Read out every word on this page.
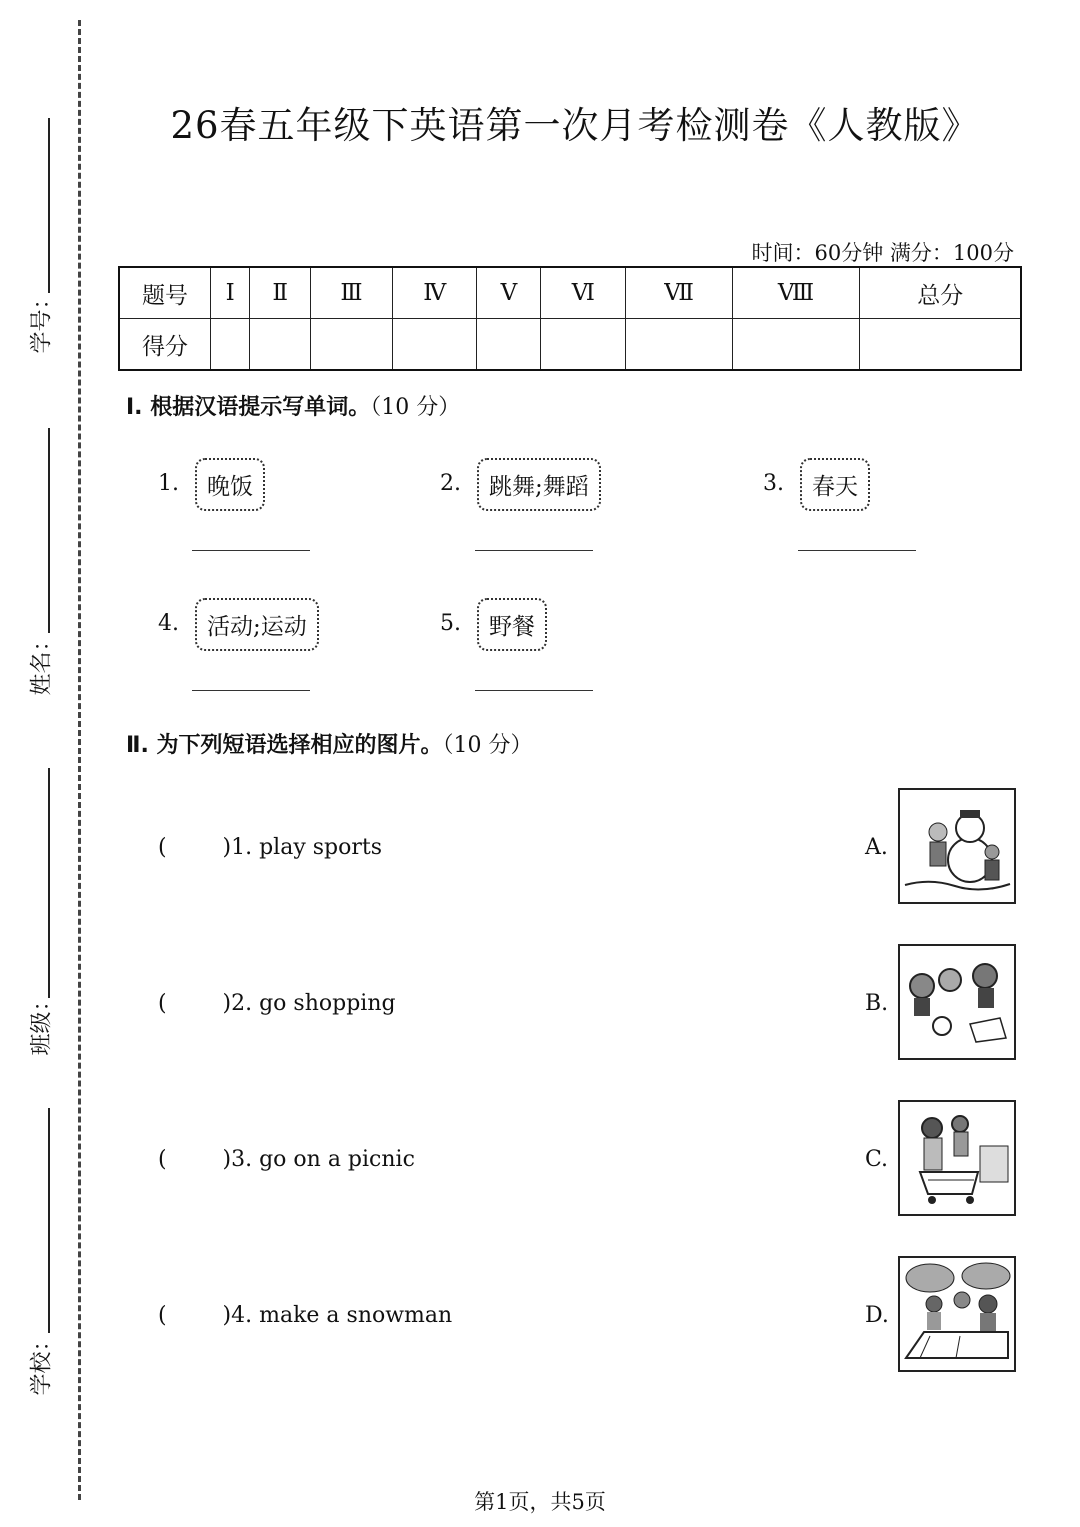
学号：
姓名：
班级：
学校：
26春五年级下英语第一次月考检测卷《人教版》
时间：60分钟 满分：100分
题号	Ⅰ	Ⅱ	Ⅲ	Ⅳ	Ⅴ	Ⅵ	Ⅶ	Ⅷ	总分
得分									
Ⅰ. 根据汉语提示写单词。（10 分）
1.	晚饭	2.	跳舞;舞蹈	3.	春天
4.	活动;运动	5.	野餐
Ⅱ. 为下列短语选择相应的图片。（10 分）
(        )1. play sports	A.
(        )2. go shopping	B.
(        )3. go on a picnic	C.
(        )4. make a snowman	D.
第1页，共5页
